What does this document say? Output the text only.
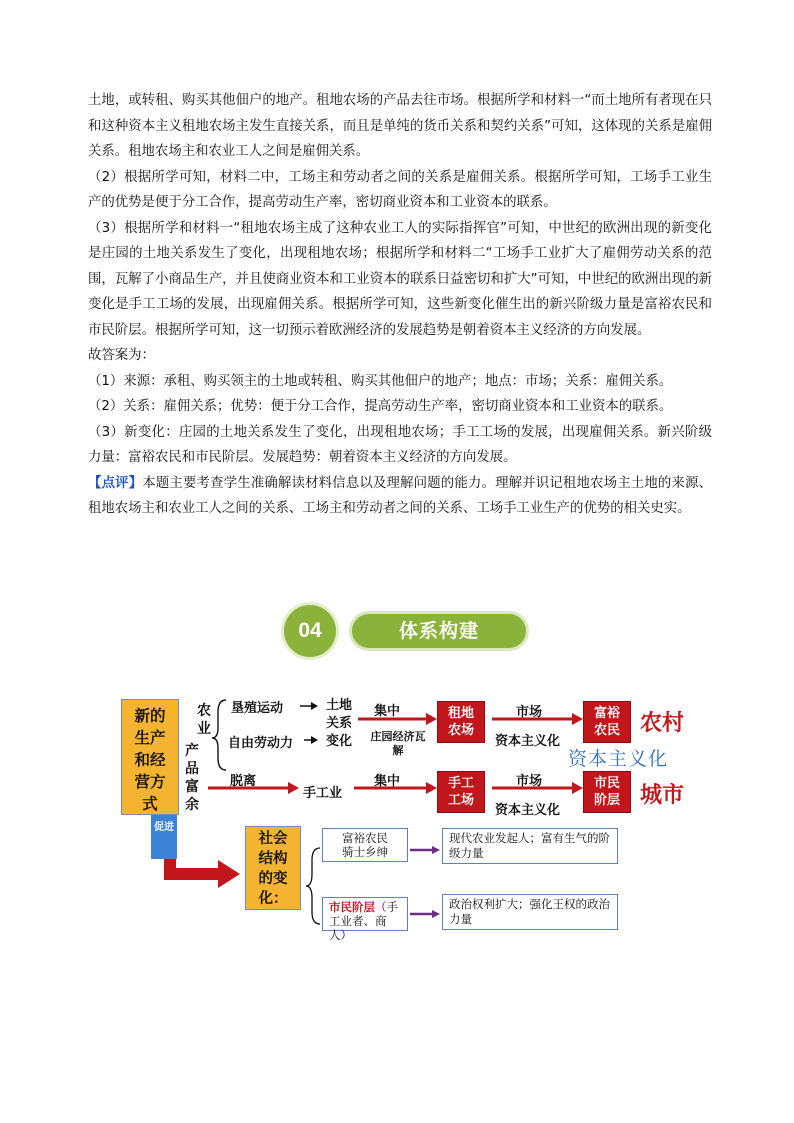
土地，或转租、购买其他佃户的地产。租地农场的产品去往市场。根据所学和材料一“而土地所有者现在只和这种资本主义租地农场主发生直接关系，而且是单纯的货币关系和契约关系”可知，这体现的关系是雇佣关系。租地农场主和农业工人之间是雇佣关系。

（2）根据所学可知，材料二中，工场主和劳动者之间的关系是雇佣关系。根据所学可知，工场手工业生产的优势是便于分工合作，提高劳动生产率，密切商业资本和工业资本的联系。

（3）根据所学和材料一“租地农场主成了这种农业工人的实际指挥官”可知，中世纪的欧洲出现的新变化是庄园的土地关系发生了变化，出现租地农场；根据所学和材料二“工场手工业扩大了雇佣劳动关系的范围，瓦解了小商品生产，并且使商业资本和工业资本的联系日益密切和扩大”可知，中世纪的欧洲出现的新变化是手工工场的发展，出现雇佣关系。根据所学可知，这些新变化催生出的新兴阶级力量是富裕农民和市民阶层。根据所学可知，这一切预示着欧洲经济的发展趋势是朝着资本主义经济的方向发展。

故答案为：

（1）来源：承租、购买领主的土地或转租、购买其他佃户的地产；地点：市场；关系：雇佣关系。

（2）关系：雇佣关系；优势：便于分工合作，提高劳动生产率，密切商业资本和工业资本的联系。

（3）新变化：庄园的土地关系发生了变化，出现租地农场；手工工场的发展，出现雇佣关系。新兴阶级力量：富裕农民和市民阶层。发展趋势：朝着资本主义经济的方向发展。

【点评】本题主要考查学生准确解读材料信息以及理解问题的能力。理解并识记租地农场主土地的来源、租地农场主和农业工人之间的关系、工场主和劳动者之间的关系、工场手工业生产的优势的相关史实。

04	体系构建
新的生产和经营方式
促进
农业
垦殖运动
自由劳动力
土地关系变化
集中
庄园经济瓦解
租地农场
市场
资本主义化
富裕农民 农村
资本主义化
产品富余
脱离
手工业
集中	手工工场
市场
资本主义化
市民阶层 城市
社会结构的变化：
富裕农民
骑士乡绅
现代农业发起人；富有生气的阶级力量
市民阶层（手工业者、商人）
政治权利扩大；强化王权的政治力量
